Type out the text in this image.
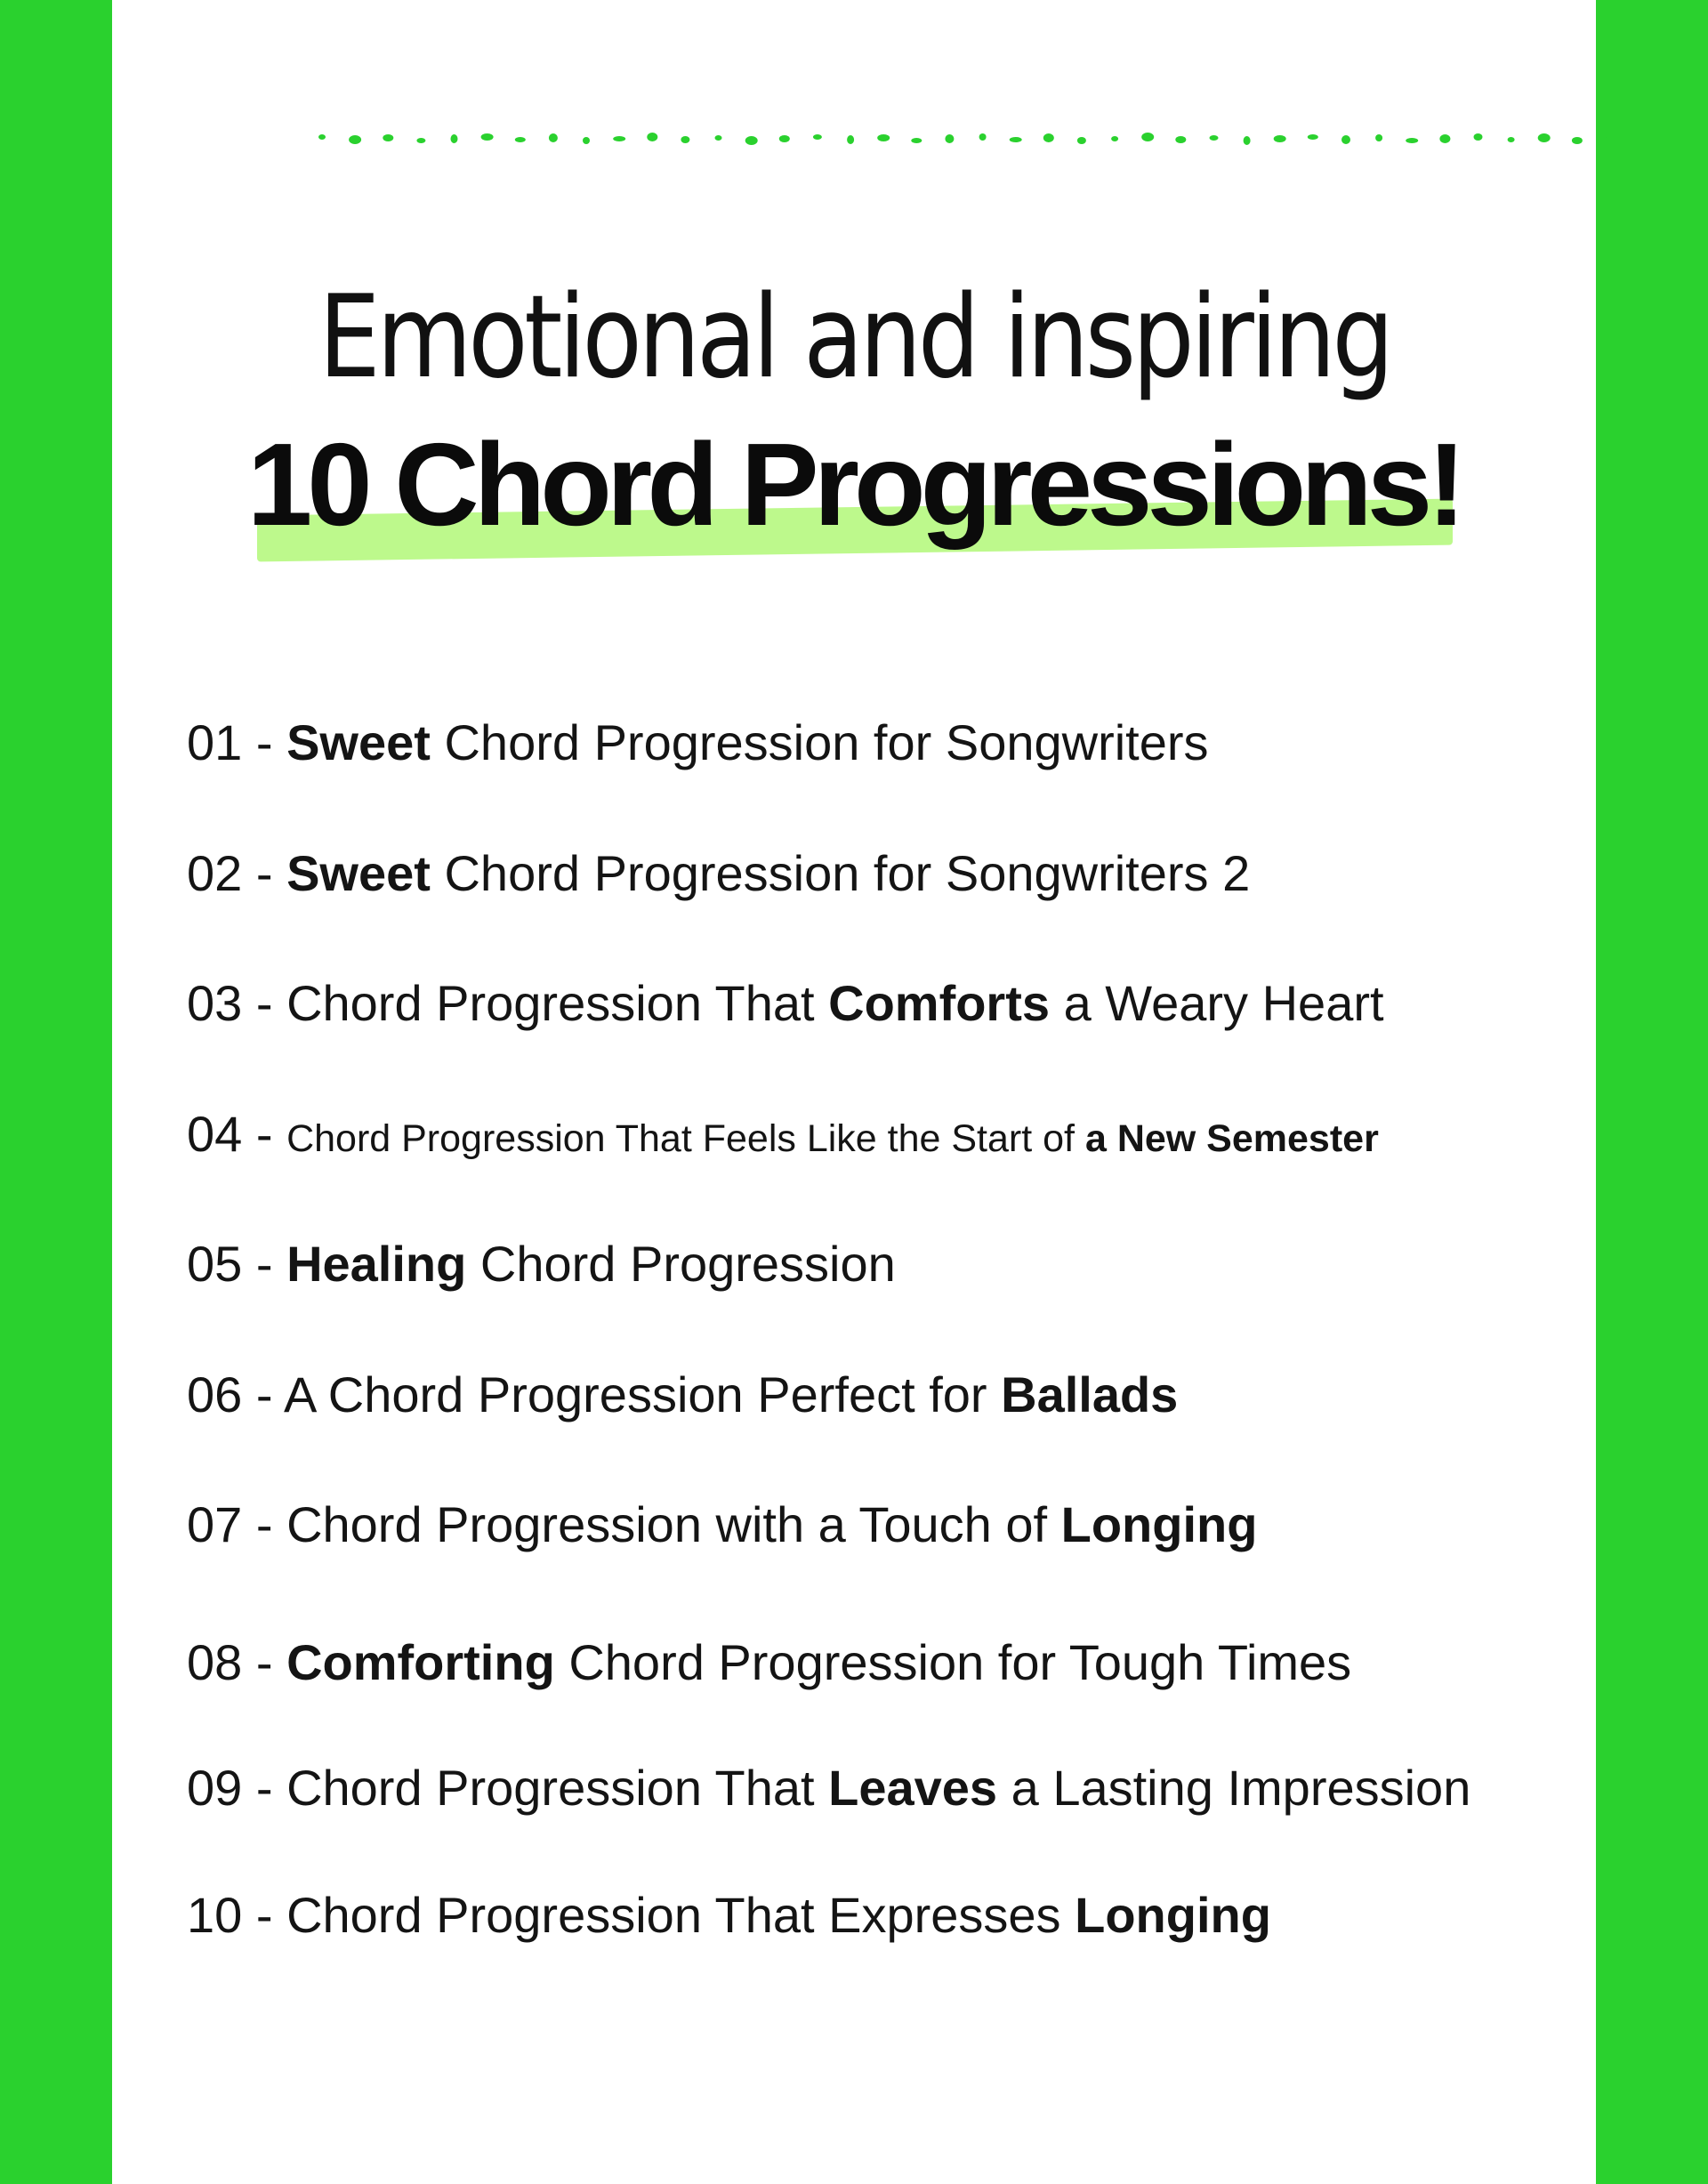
Emotional and inspiring
10 Chord Progressions!
01 - Sweet Chord Progression for Songwriters
02 - Sweet Chord Progression for Songwriters 2
03 - Chord Progression That Comforts a Weary Heart
04 - Chord Progression That Feels Like the Start of a New Semester
05 - Healing Chord Progression
06 - A Chord Progression Perfect for Ballads
07 - Chord Progression with a Touch of Longing
08 - Comforting Chord Progression for Tough Times
09 - Chord Progression That Leaves a Lasting Impression
10 - Chord Progression That Expresses Longing
